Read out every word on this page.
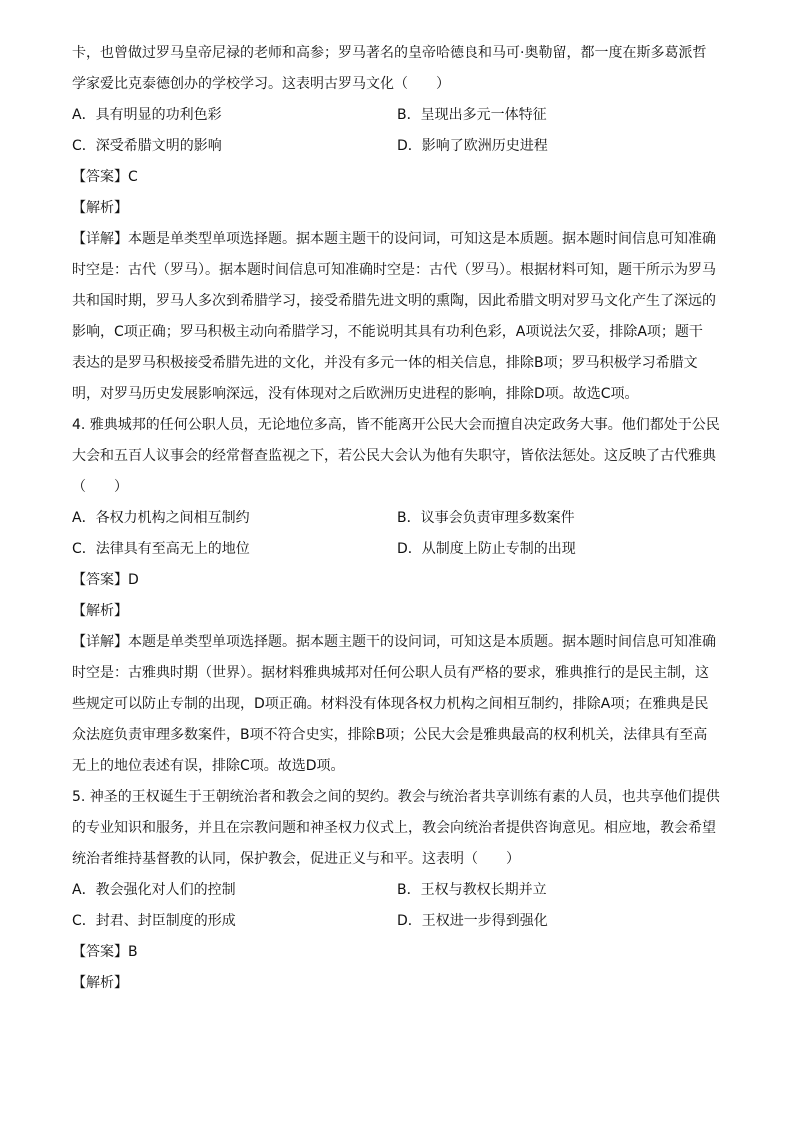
卡，也曾做过罗马皇帝尼禄的老师和高参；罗马著名的皇帝哈德良和马可·奥勒留，都一度在斯多葛派哲
学家爱比克泰德创办的学校学习。这表明古罗马文化（　　）
A．具有明显的功利色彩	B．呈现出多元一体特征
C．深受希腊文明的影响	D．影响了欧洲历史进程
【答案】C
【解析】
【详解】本题是单类型单项选择题。据本题主题干的设问词，可知这是本质题。据本题时间信息可知准确
时空是：古代（罗马）。据本题时间信息可知准确时空是：古代（罗马）。根据材料可知，题干所示为罗马
共和国时期，罗马人多次到希腊学习，接受希腊先进文明的熏陶，因此希腊文明对罗马文化产生了深远的
影响，C项正确；罗马积极主动向希腊学习，不能说明其具有功利色彩，A项说法欠妥，排除A项；题干
表达的是罗马积极接受希腊先进的文化，并没有多元一体的相关信息，排除B项；罗马积极学习希腊文
明，对罗马历史发展影响深远，没有体现对之后欧洲历史进程的影响，排除D项。故选C项。
4. 雅典城邦的任何公职人员，无论地位多高，皆不能离开公民大会而擅自决定政务大事。他们都处于公民
大会和五百人议事会的经常督查监视之下，若公民大会认为他有失职守，皆依法惩处。这反映了古代雅典
（　　）
A．各权力机构之间相互制约	B．议事会负责审理多数案件
C．法律具有至高无上的地位	D．从制度上防止专制的出现
【答案】D
【解析】
【详解】本题是单类型单项选择题。据本题主题干的设问词，可知这是本质题。据本题时间信息可知准确
时空是：古雅典时期（世界）。据材料雅典城邦对任何公职人员有严格的要求，雅典推行的是民主制，这
些规定可以防止专制的出现，D项正确。材料没有体现各权力机构之间相互制约，排除A项；在雅典是民
众法庭负责审理多数案件，B项不符合史实，排除B项；公民大会是雅典最高的权利机关，法律具有至高
无上的地位表述有误，排除C项。故选D项。
5. 神圣的王权诞生于王朝统治者和教会之间的契约。教会与统治者共享训练有素的人员，也共享他们提供
的专业知识和服务，并且在宗教问题和神圣权力仪式上，教会向统治者提供咨询意见。相应地，教会希望
统治者维持基督教的认同，保护教会，促进正义与和平。这表明（　　）
A．教会强化对人们的控制	B．王权与教权长期并立
C．封君、封臣制度的形成	D．王权进一步得到强化
【答案】B
【解析】
